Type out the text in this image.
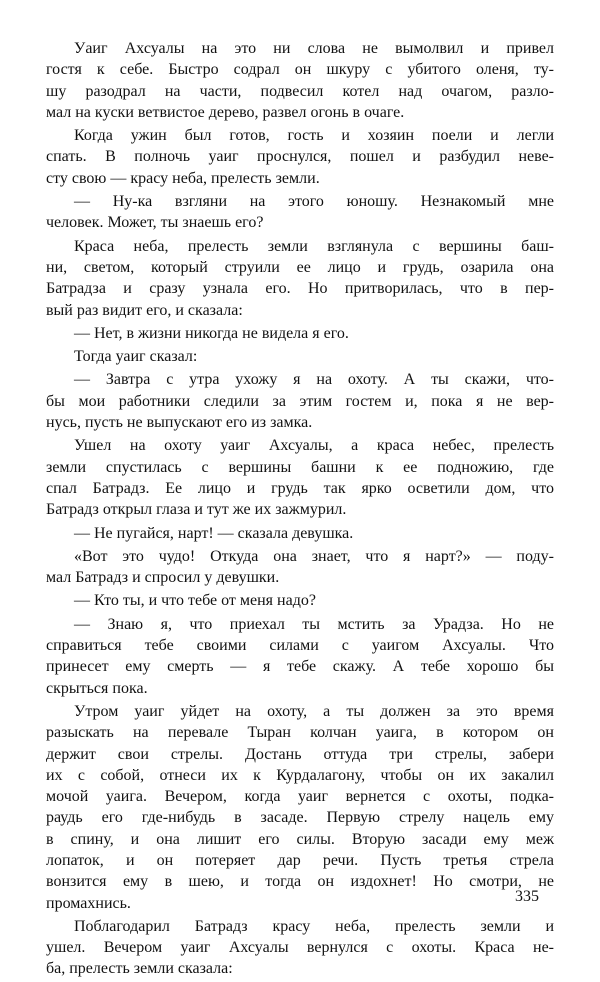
Уаиг Ахсуалы на это ни слова не вымолвил и привел
гостя к себе. Быстро содрал он шкуру с убитого оленя, ту-
шу разодрал на части, подвесил котел над очагом, разло-
мал на куски ветвистое дерево, развел огонь в очаге.
Когда ужин был готов, гость и хозяин поели и легли
спать. В полночь уаиг проснулся, пошел и разбудил неве-
сту свою — красу неба, прелесть земли.
— Ну-ка взгляни на этого юношу. Незнакомый мне
человек. Может, ты знаешь его?
Краса неба, прелесть земли взглянула с вершины баш-
ни, светом, который струили ее лицо и грудь, озарила она
Батрадза и сразу узнала его. Но притворилась, что в пер-
вый раз видит его, и сказала:
— Нет, в жизни никогда не видела я его.
Тогда уаиг сказал:
— Завтра с утра ухожу я на охоту. А ты скажи, что-
бы мои работники следили за этим гостем и, пока я не вер-
нусь, пусть не выпускают его из замка.
Ушел на охоту уаиг Ахсуалы, а краса небес, прелесть
земли спустилась с вершины башни к ее подножию, где
спал Батрадз. Ее лицо и грудь так ярко осветили дом, что
Батрадз открыл глаза и тут же их зажмурил.
— Не пугайся, нарт! — сказала девушка.
«Вот это чудо! Откуда она знает, что я нарт?» — поду-
мал Батрадз и спросил у девушки.
— Кто ты, и что тебе от меня надо?
— Знаю я, что приехал ты мстить за Урадза. Но не
справиться тебе своими силами с уаигом Ахсуалы. Что
принесет ему смерть — я тебе скажу. А тебе хорошо бы
скрыться пока.
Утром уаиг уйдет на охоту, а ты должен за это время
разыскать на перевале Тыран колчан уаига, в котором он
держит свои стрелы. Достань оттуда три стрелы, забери
их с собой, отнеси их к Курдалагону, чтобы он их закалил
мочой уаига. Вечером, когда уаиг вернется с охоты, подка-
раудь его где-нибудь в засаде. Первую стрелу нацель ему
в спину, и она лишит его силы. Вторую засади ему меж
лопаток, и он потеряет дар речи. Пусть третья стрела
вонзится ему в шею, и тогда он издохнет! Но смотри, не
промахнись.
Поблагодарил Батрадз красу неба, прелесть земли и
ушел. Вечером уаиг Ахсуалы вернулся с охоты. Краса не-
ба, прелесть земли сказала:
335
